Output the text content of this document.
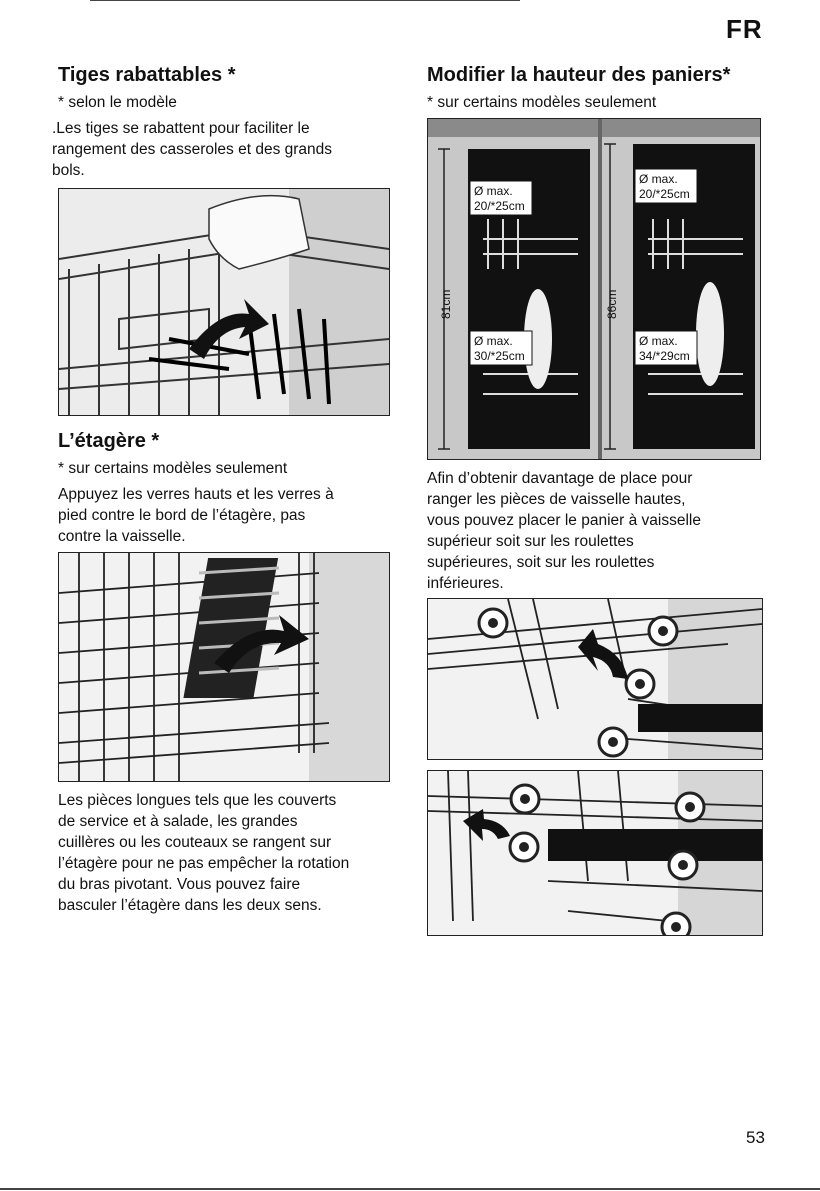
FR
Tiges rabattables *
* selon le modèle
.Les tiges se rabattent pour faciliter le
rangement des casseroles et des grands
bols.
L’étagère *
* sur certains modèles seulement
Appuyez les verres hauts et les verres à
pied contre le bord de l’étagère, pas
contre la vaisselle.
Les pièces longues tels que les couverts
de service et à salade, les grandes
cuillères ou les couteaux se rangent sur
l’étagère pour ne pas empêcher la rotation
du bras pivotant. Vous pouvez faire
basculer l’étagère dans les deux sens.
Modifier la hauteur des paniers*
* sur certains modèles seulement
81cm	86cm
Ø max.
20/*25cm
Ø max.
30/*25cm
Ø max.
20/*25cm
Ø max.
34/*29cm
Afin d’obtenir davantage de place pour
ranger les pièces de vaisselle hautes,
vous pouvez placer le panier à vaisselle
supérieur soit sur les roulettes
supérieures, soit sur les roulettes
inférieures.
53
